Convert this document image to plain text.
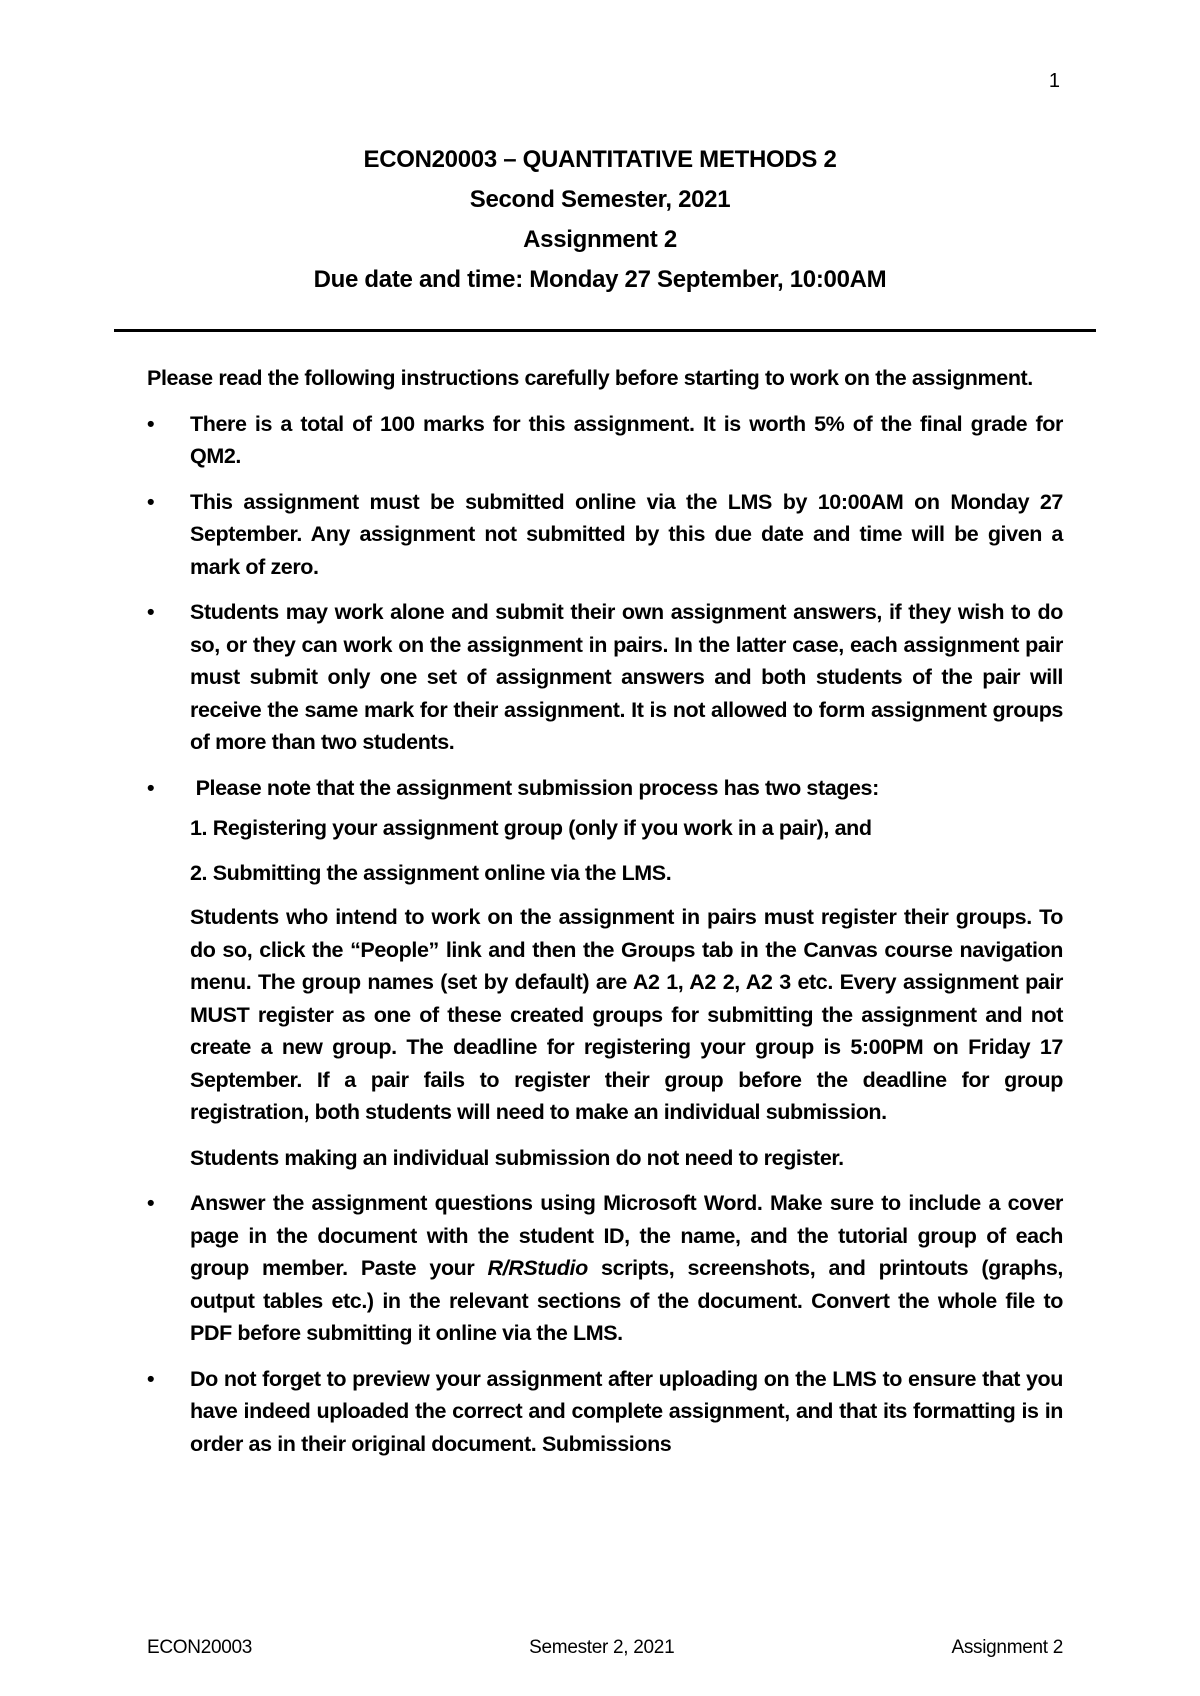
1
ECON20003 – QUANTITATIVE METHODS 2
Second Semester, 2021
Assignment 2
Due date and time: Monday 27 September, 10:00AM

Please read the following instructions carefully before starting to work on the assignment.

•	There is a total of 100 marks for this assignment. It is worth 5% of the final grade for QM2.
•	This assignment must be submitted online via the LMS by 10:00AM on Monday 27 September. Any assignment not submitted by this due date and time will be given a mark of zero.
•	Students may work alone and submit their own assignment answers, if they wish to do so, or they can work on the assignment in pairs. In the latter case, each assignment pair must submit only one set of assignment answers and both students of the pair will receive the same mark for their assignment. It is not allowed to form assignment groups of more than two students.
•	Please note that the assignment submission process has two stages:

1. Registering your assignment group (only if you work in a pair), and

2. Submitting the assignment online via the LMS.

Students who intend to work on the assignment in pairs must register their groups. To do so, click the “People” link and then the Groups tab in the Canvas course navigation menu. The group names (set by default) are A2 1, A2 2, A2 3 etc. Every assignment pair MUST register as one of these created groups for submitting the assignment and not create a new group. The deadline for registering your group is 5:00PM on Friday 17 September. If a pair fails to register their group before the deadline for group registration, both students will need to make an individual submission.

Students making an individual submission do not need to register.

•	Answer the assignment questions using Microsoft Word. Make sure to include a cover page in the document with the student ID, the name, and the tutorial group of each group member. Paste your R/RStudio scripts, screenshots, and printouts (graphs, output tables etc.) in the relevant sections of the document. Convert the whole file to PDF before submitting it online via the LMS.
•	Do not forget to preview your assignment after uploading on the LMS to ensure that you have indeed uploaded the correct and complete assignment, and that its formatting is in order as in their original document. Submissions
ECON20003	Semester 2, 2021	Assignment 2
